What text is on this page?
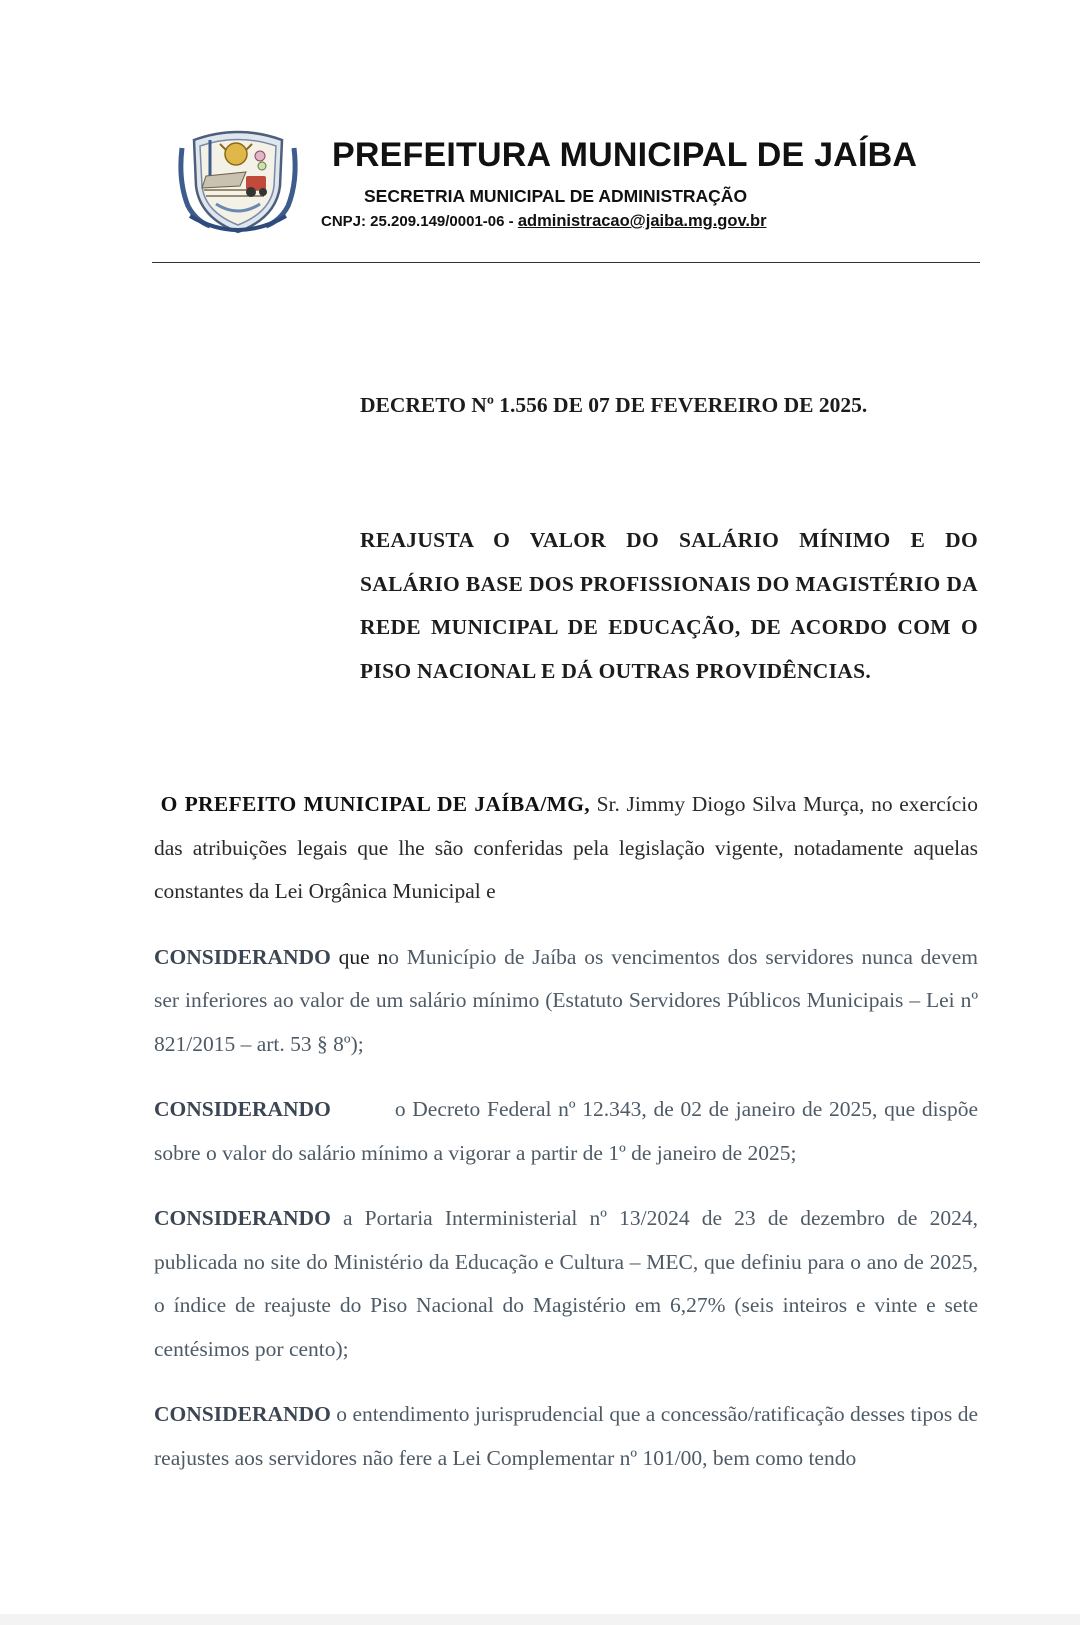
PREFEITURA MUNICIPAL DE JAÍBA
SECRETRIA MUNICIPAL DE ADMINISTRAÇÃO
CNPJ: 25.209.149/0001-06 - administracao@jaiba.mg.gov.br
DECRETO Nº 1.556 DE 07 DE FEVEREIRO DE 2025.
REAJUSTA O VALOR DO SALÁRIO MÍNIMO E DO SALÁRIO BASE DOS PROFISSIONAIS DO MAGISTÉRIO DA REDE MUNICIPAL DE EDUCAÇÃO, DE ACORDO COM O PISO NACIONAL E DÁ OUTRAS PROVIDÊNCIAS.

O PREFEITO MUNICIPAL DE JAÍBA/MG, Sr. Jimmy Diogo Silva Murça, no exercício das atribuições legais que lhe são conferidas pela legislação vigente, notadamente aquelas constantes da Lei Orgânica Municipal e

CONSIDERANDO que no Município de Jaíba os vencimentos dos servidores nunca devem ser inferiores ao valor de um salário mínimo (Estatuto Servidores Públicos Municipais – Lei nº 821/2015 – art. 53 § 8º);

CONSIDERANDO	o Decreto Federal nº 12.343, de 02 de janeiro de 2025, que dispõe sobre o valor do salário mínimo a vigorar a partir de 1º de janeiro de 2025;

CONSIDERANDO a Portaria Interministerial nº 13/2024 de 23 de dezembro de 2024, publicada no site do Ministério da Educação e Cultura – MEC, que definiu para o ano de 2025, o índice de reajuste do Piso Nacional do Magistério em 6,27% (seis inteiros e vinte e sete centésimos por cento);

CONSIDERANDO o entendimento jurisprudencial que a concessão/ratificação desses tipos de reajustes aos servidores não fere a Lei Complementar nº 101/00, bem como tendo
